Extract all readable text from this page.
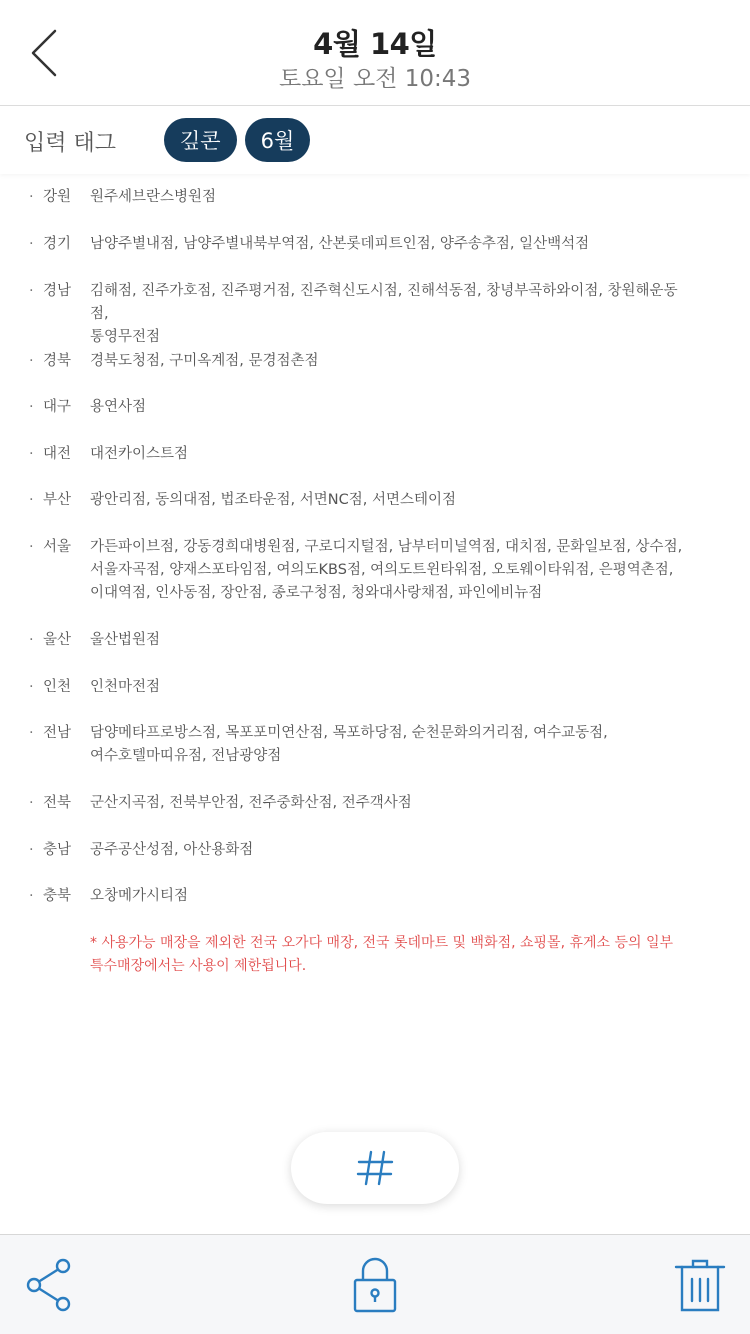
4월 14일
토요일 오전 10:43
입력 태그	깊콘	6월
· 강원 원주세브란스병원점
· 경기 남양주별내점, 남양주별내북부역점, 산본롯데피트인점, 양주송추점, 일산백석점
· 경남 김해점, 진주가호점, 진주평거점, 진주혁신도시점, 진해석동점, 창녕부곡하와이점, 창원해운동점,
통영무전점
· 경북 경북도청점, 구미옥계점, 문경점촌점
· 대구 용연사점
· 대전 대전카이스트점
· 부산 광안리점, 동의대점, 법조타운점, 서면NC점, 서면스테이점
· 서울 가든파이브점, 강동경희대병원점, 구로디지털점, 남부터미널역점, 대치점, 문화일보점, 상수점,
서울자곡점, 양재스포타임점, 여의도KBS점, 여의도트윈타워점, 오토웨이타워점, 은평역촌점,
이대역점, 인사동점, 장안점, 종로구청점, 청와대사랑채점, 파인에비뉴점
· 울산 울산법원점
· 인천 인천마전점
· 전남 담양메타프로방스점, 목포포미연산점, 목포하당점, 순천문화의거리점, 여수교동점,
여수호텔마띠유점, 전남광양점
· 전북 군산지곡점, 전북부안점, 전주중화산점, 전주객사점
· 충남 공주공산성점, 아산용화점
· 충북 오창메가시티점
* 사용가능 매장을 제외한 전국 오가다 매장, 전국 롯데마트 및 백화점, 쇼핑몰, 휴게소 등의 일부
특수매장에서는 사용이 제한됩니다.
